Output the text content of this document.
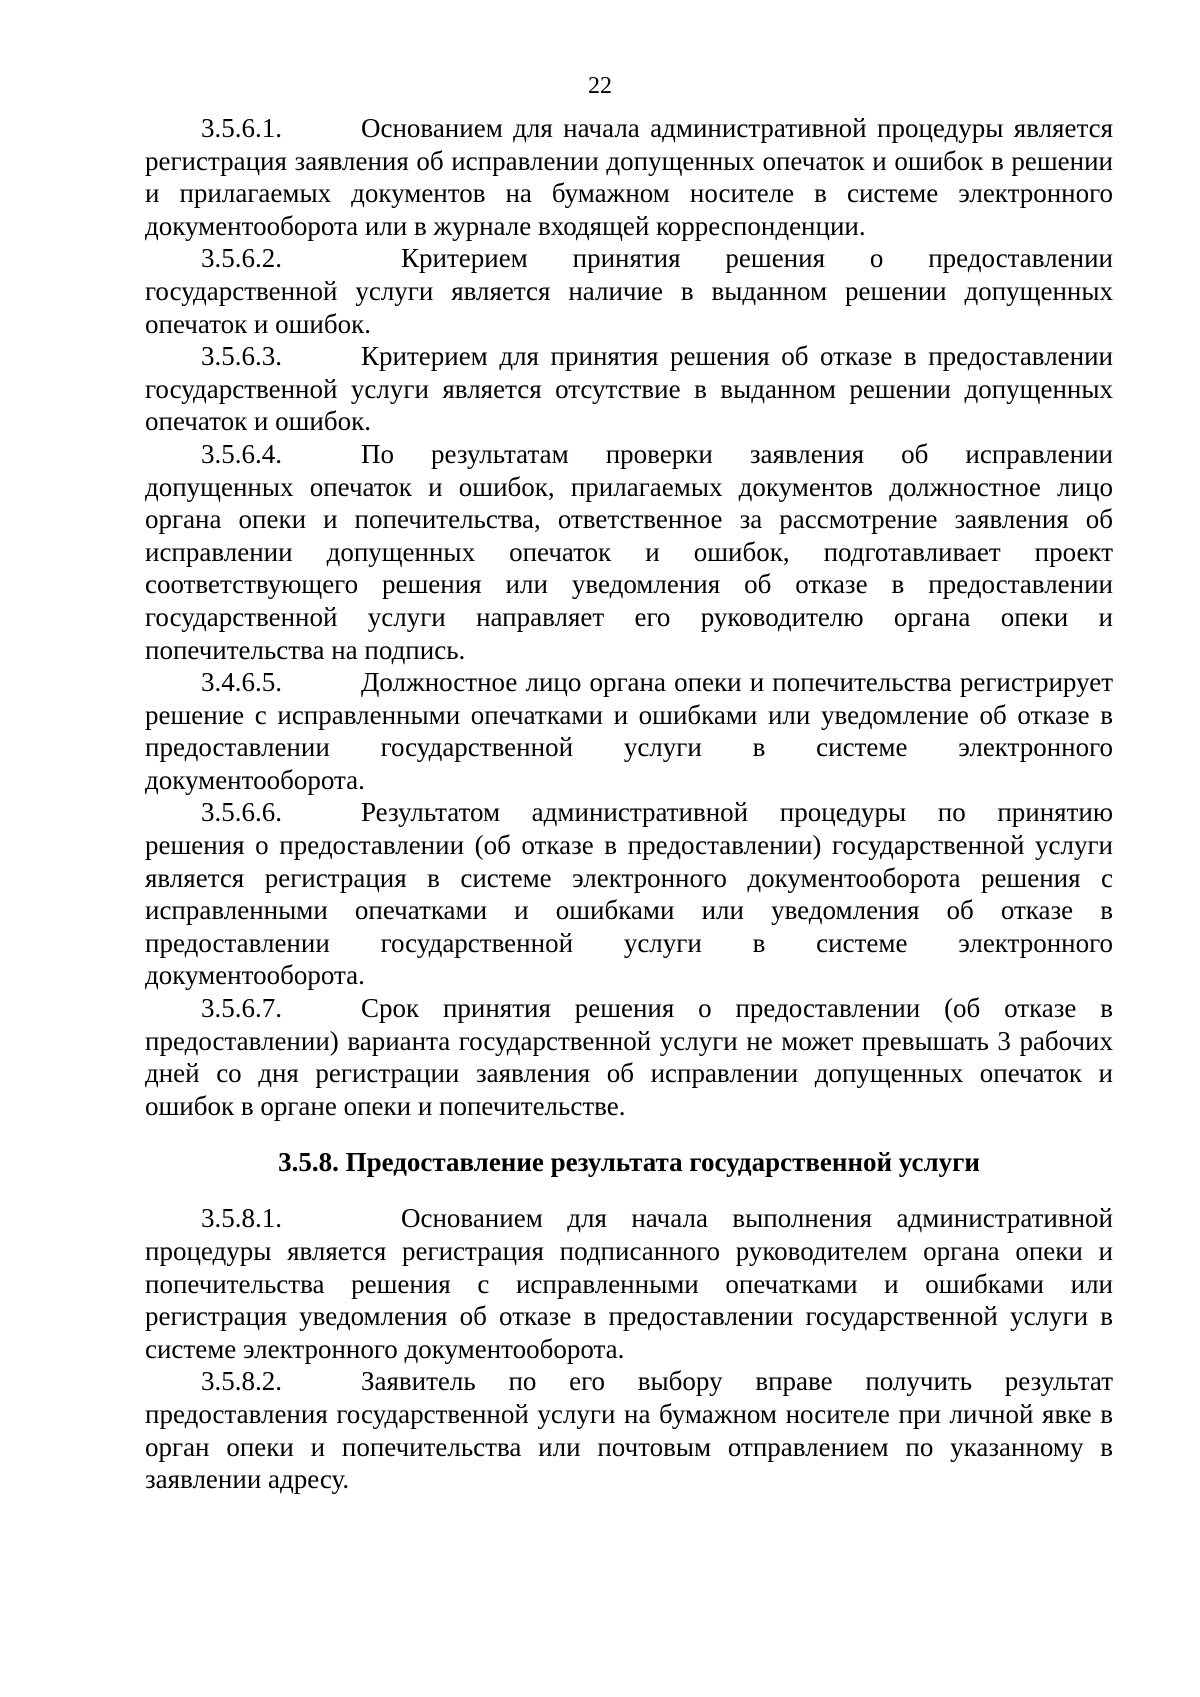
22

3.5.6.1.	Основанием для начала административной процедуры является регистрация заявления об исправлении допущенных опечаток и ошибок в решении и прилагаемых документов на бумажном носителе в системе электронного документооборота или в журнале входящей корреспонденции.

3.5.6.2.	Критерием принятия решения о предоставлении государственной услуги является наличие в выданном решении допущенных опечаток и ошибок.

3.5.6.3.	Критерием для принятия решения об отказе в предоставлении государственной услуги является отсутствие в выданном решении допущенных опечаток и ошибок.

3.5.6.4.	По результатам проверки заявления об исправлении допущенных опечаток и ошибок, прилагаемых документов должностное лицо органа опеки и попечительства, ответственное за рассмотрение заявления об исправлении допущенных опечаток и ошибок, подготавливает проект соответствующего решения или уведомления об отказе в предоставлении государственной услуги направляет его руководителю органа опеки и попечительства на подпись.

3.4.6.5.	Должностное лицо органа опеки и попечительства регистрирует решение с исправленными опечатками и ошибками или уведомление об отказе в предоставлении государственной услуги в системе электронного документооборота.

3.5.6.6.	Результатом административной процедуры по принятию решения о предоставлении (об отказе в предоставлении) государственной услуги является регистрация в системе электронного документооборота решения с исправленными опечатками и ошибками или уведомления об отказе в предоставлении государственной услуги в системе электронного документооборота.

3.5.6.7.	Срок принятия решения о предоставлении (об отказе в предоставлении) варианта государственной услуги не может превышать 3 рабочих дней со дня регистрации заявления об исправлении допущенных опечаток и ошибок в органе опеки и попечительстве.

3.5.8. Предоставление результата государственной услуги

3.5.8.1.	Основанием для начала выполнения административной процедуры является регистрация подписанного руководителем органа опеки и попечительства решения с исправленными опечатками и ошибками или регистрация уведомления об отказе в предоставлении государственной услуги в системе электронного документооборота.

3.5.8.2.	Заявитель по его выбору вправе получить результат предоставления государственной услуги на бумажном носителе при личной явке в орган опеки и попечительства или почтовым отправлением по указанному в заявлении адресу.
